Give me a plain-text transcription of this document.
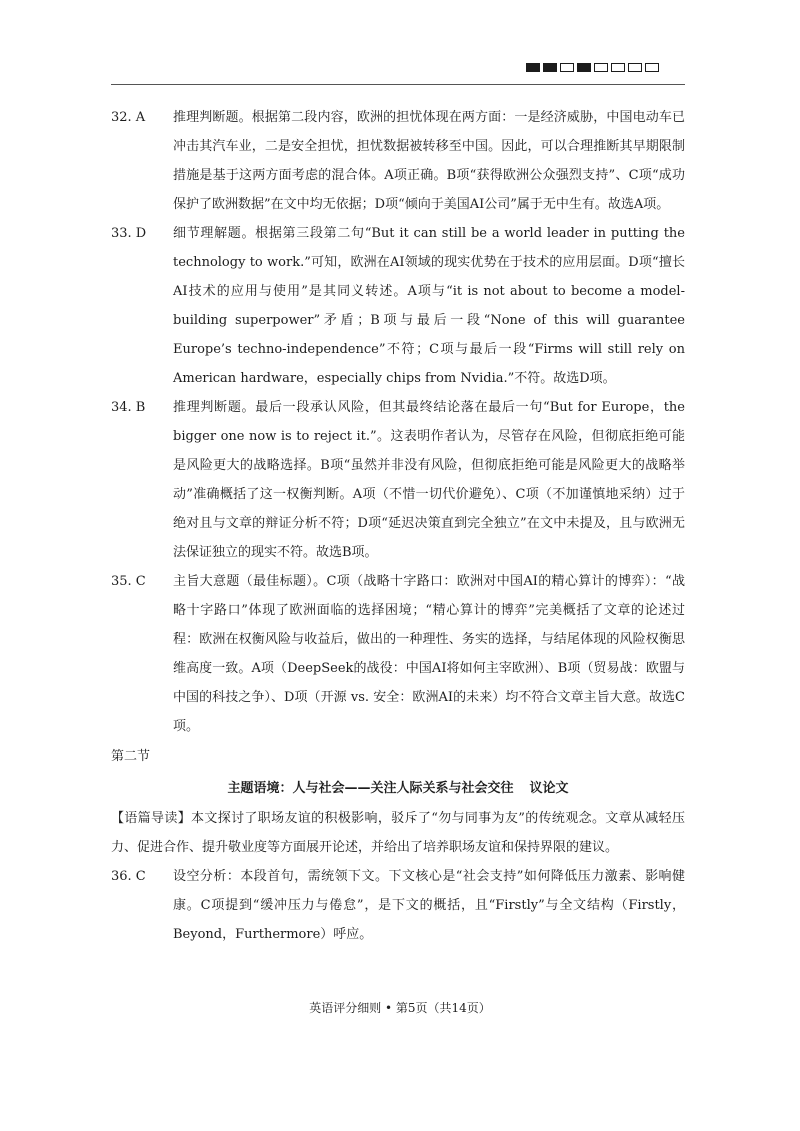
32. A	推理判断题。根据第二段内容，欧洲的担忧体现在两方面：一是经济威胁，中国电动车已冲击其汽车业，二是安全担忧，担忧数据被转移至中国。因此，可以合理推断其早期限制措施是基于这两方面考虑的混合体。A项正确。B项“获得欧洲公众强烈支持”、C项“成功保护了欧洲数据”在文中均无依据；D项“倾向于美国AI公司”属于无中生有。故选A项。
33. D	细节理解题。根据第三段第二句“But it can still be a world leader in putting the technology to work.”可知，欧洲在AI领域的现实优势在于技术的应用层面。D项“擅长AI技术的应用与使用”是其同义转述。A项与“it is not about to become a model-building superpower”矛盾；B项与最后一段“None of this will guarantee Europe’s techno-independence”不符；C项与最后一段“Firms will still rely on American hardware，especially chips from Nvidia.”不符。故选D项。
34. B	推理判断题。最后一段承认风险，但其最终结论落在最后一句“But for Europe，the bigger one now is to reject it.”。这表明作者认为，尽管存在风险，但彻底拒绝可能是风险更大的战略选择。B项“虽然并非没有风险，但彻底拒绝可能是风险更大的战略举动”准确概括了这一权衡判断。A项（不惜一切代价避免）、C项（不加谨慎地采纳）过于绝对且与文章的辩证分析不符；D项“延迟决策直到完全独立”在文中未提及，且与欧洲无法保证独立的现实不符。故选B项。
35. C	主旨大意题（最佳标题）。C项（战略十字路口：欧洲对中国AI的精心算计的博弈）：“战略十字路口”体现了欧洲面临的选择困境；“精心算计的博弈”完美概括了文章的论述过程：欧洲在权衡风险与收益后，做出的一种理性、务实的选择，与结尾体现的风险权衡思维高度一致。A项（DeepSeek的战役：中国AI将如何主宰欧洲）、B项（贸易战：欧盟与中国的科技之争）、D项（开源 vs. 安全：欧洲AI的未来）均不符合文章主旨大意。故选C项。
第二节
主题语境：人与社会——关注人际关系与社会交往 议论文
【语篇导读】本文探讨了职场友谊的积极影响，驳斥了“勿与同事为友”的传统观念。文章从减轻压力、促进合作、提升敬业度等方面展开论述，并给出了培养职场友谊和保持界限的建议。
36. C	设空分析：本段首句，需统领下文。下文核心是“社会支持”如何降低压力激素、影响健康。C项提到“缓冲压力与倦怠”，是下文的概括，且“Firstly”与全文结构（Firstly，Beyond，Furthermore）呼应。
英语评分细则 • 第5页（共14页）
